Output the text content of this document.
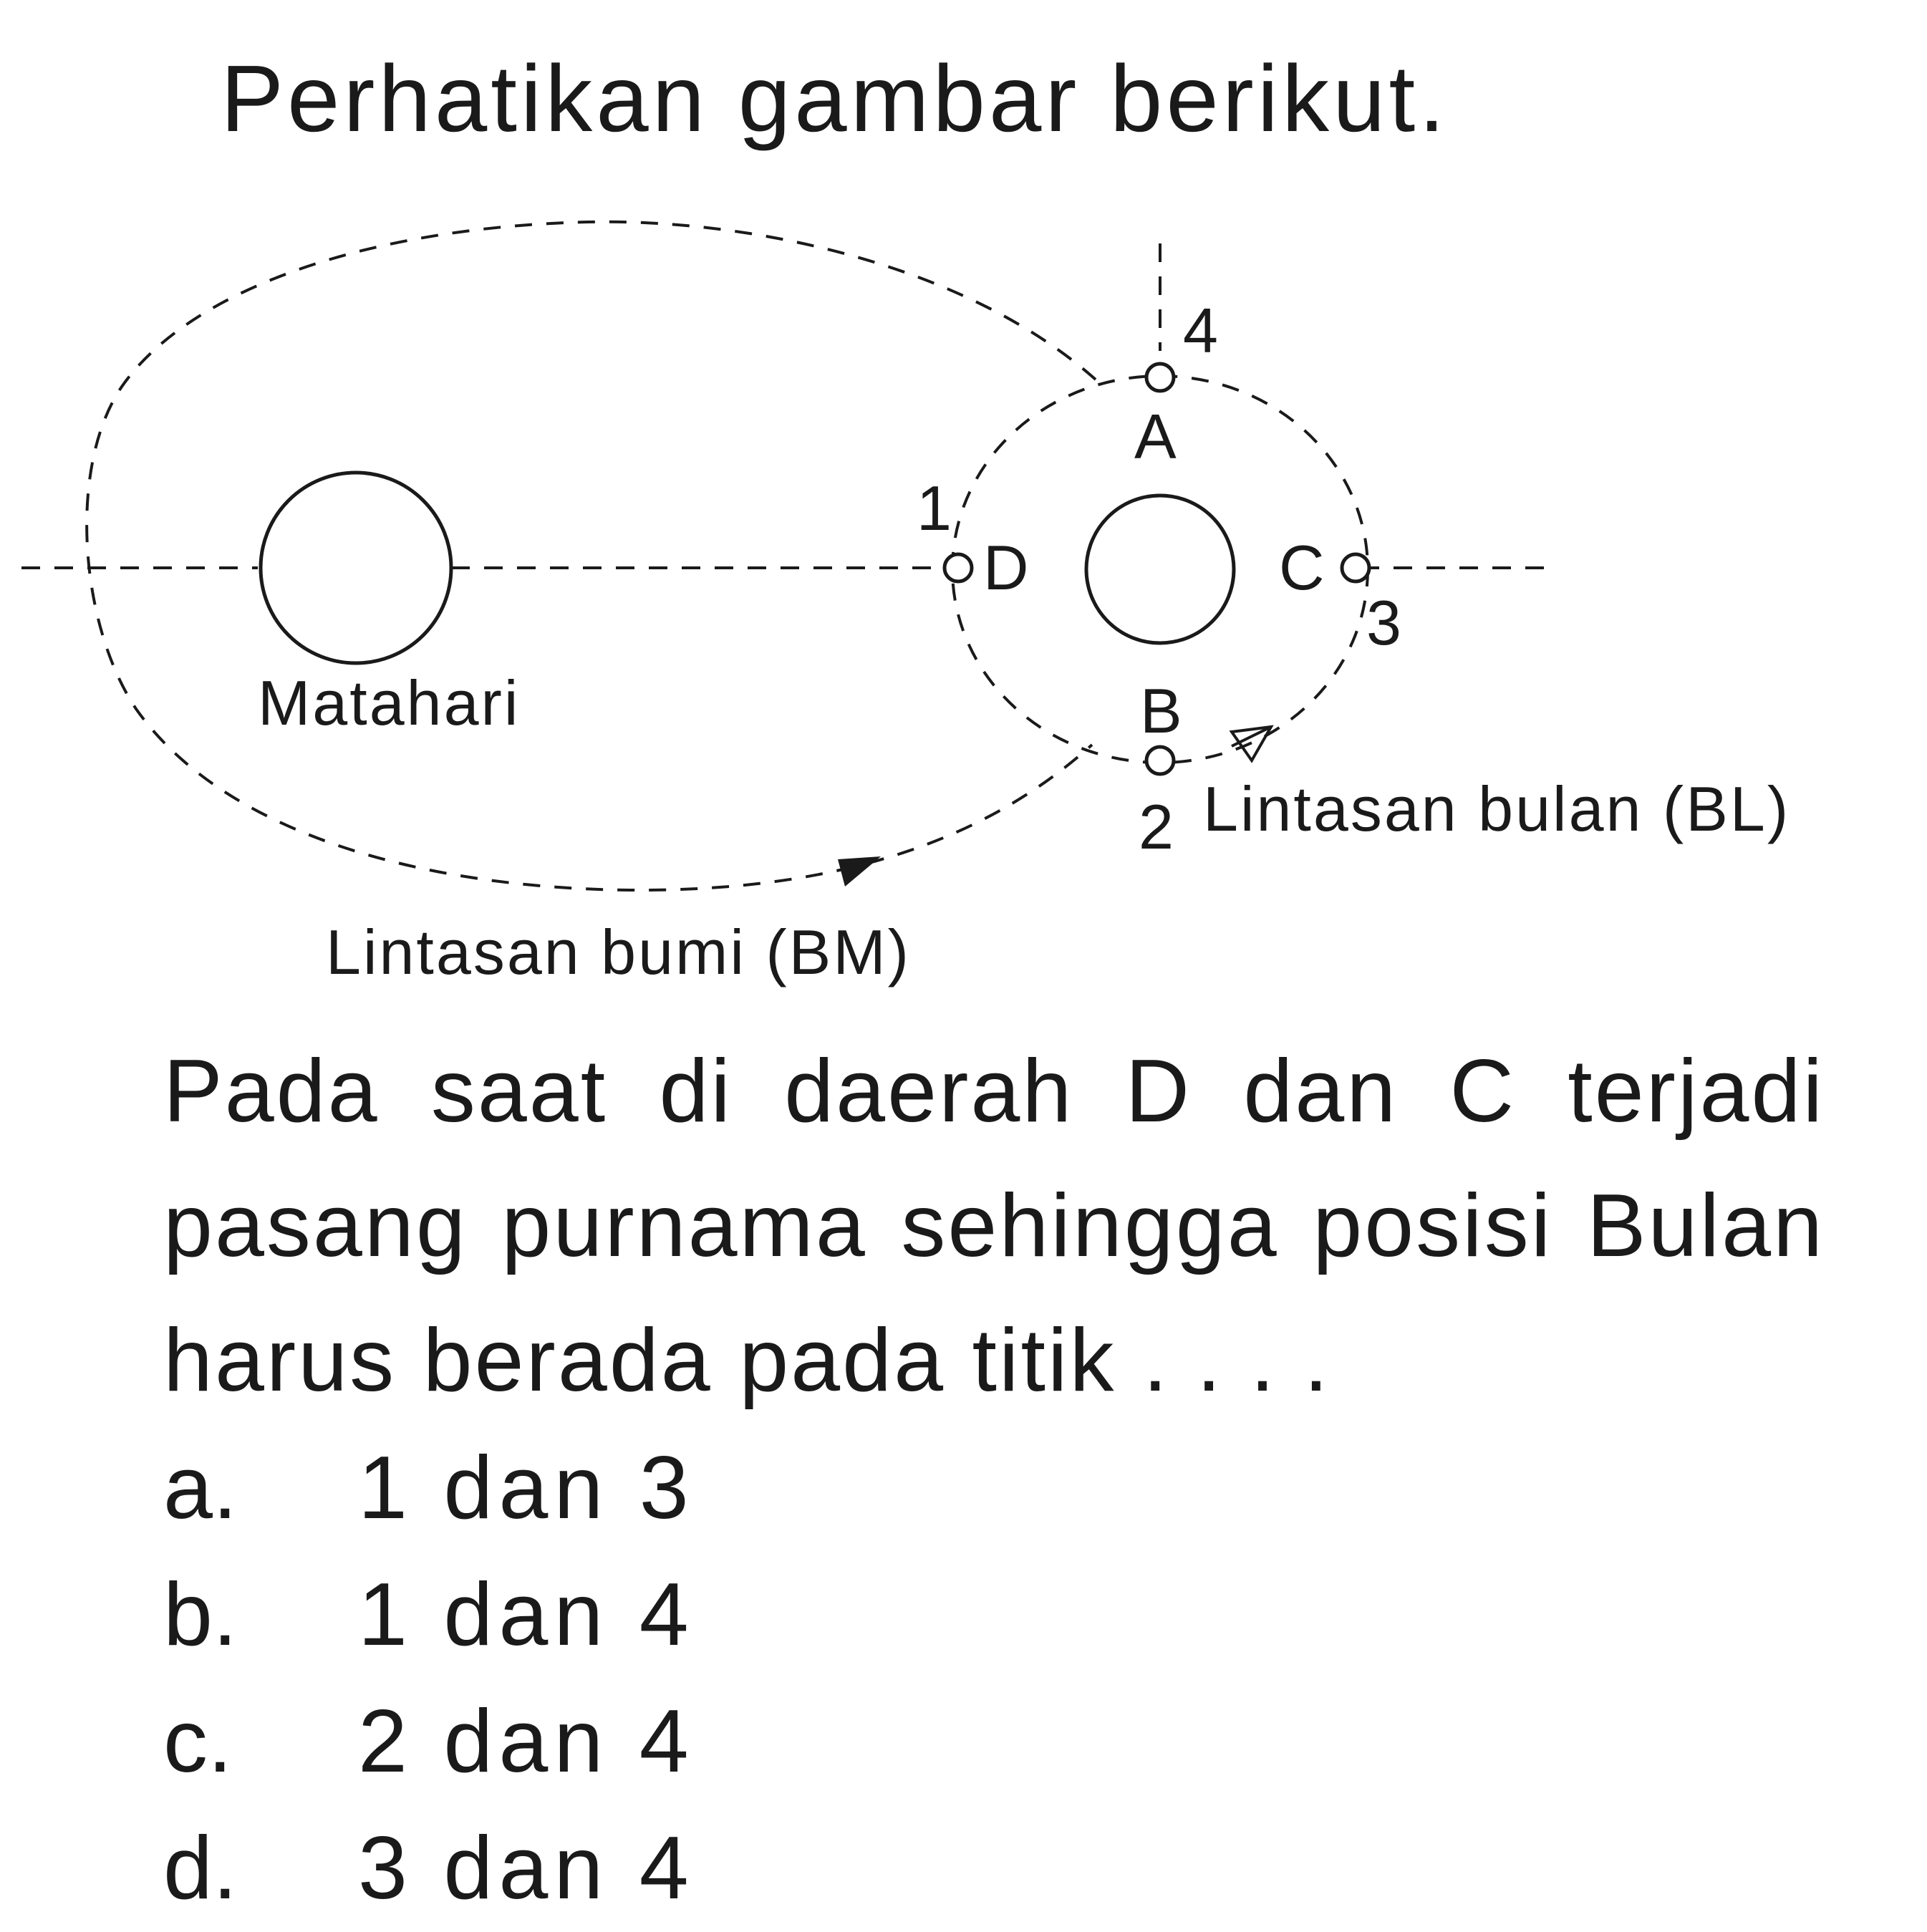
Perhatikan gambar berikut.
4
A
1
D	C
3
B
2
Matahari
Lintasan bulan (BL)
Lintasan bumi (BM)
Pada saat di daerah D dan C terjadi pasang purnama sehingga posisi Bulan harus berada pada titik . . . .
a. 1 dan 3
b. 1 dan 4
c. 2 dan 4
d. 3 dan 4
